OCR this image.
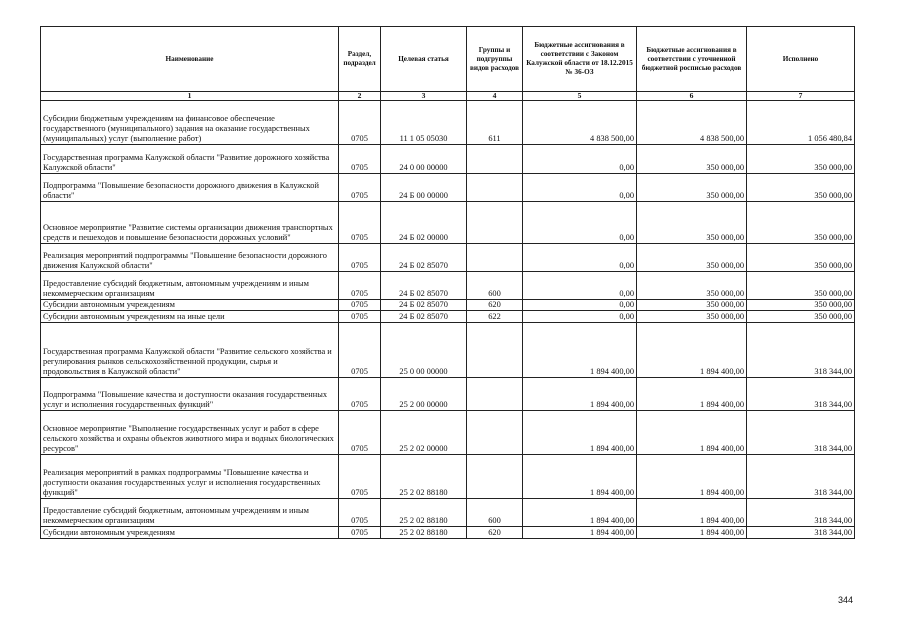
Наименование	Раздел, подраздел	Целевая статья	Группы и подгруппы видов расходов	Бюджетные ассигнования в соответствии с Законом Калужской области от 18.12.2015 № 36-ОЗ	Бюджетные ассигнования в соответствии с уточненной бюджетной росписью расходов	Исполнено
1	2	3	4	5	6	7
Субсидии бюджетным учреждениям на финансовое обеспечение государственного (муниципального) задания на оказание государственных (муниципальных) услуг (выполнение работ)	0705	11 1 05 05030	611	4 838 500,00	4 838 500,00	1 056 480,84
Государственная программа Калужской области "Развитие дорожного хозяйства Калужской области"	0705	24 0 00 00000		0,00	350 000,00	350 000,00
Подпрограмма "Повышение безопасности дорожного движения в Калужской области"	0705	24 Б 00 00000		0,00	350 000,00	350 000,00
Основное мероприятие "Развитие системы организации движения транспортных средств и пешеходов и повышение безопасности дорожных условий"	0705	24 Б 02 00000		0,00	350 000,00	350 000,00
Реализация мероприятий подпрограммы "Повышение безопасности дорожного движения Калужской области"	0705	24 Б 02 85070		0,00	350 000,00	350 000,00
Предоставление субсидий бюджетным, автономным учреждениям и иным некоммерческим организациям	0705	24 Б 02 85070	600	0,00	350 000,00	350 000,00
Субсидии автономным учреждениям	0705	24 Б 02 85070	620	0,00	350 000,00	350 000,00
Субсидии автономным учреждениям на иные цели	0705	24 Б 02 85070	622	0,00	350 000,00	350 000,00
Государственная программа Калужской области "Развитие сельского хозяйства и регулирования рынков сельскохозяйственной продукции, сырья и продовольствия в Калужской области"	0705	25 0 00 00000		1 894 400,00	1 894 400,00	318 344,00
Подпрограмма "Повышение качества и доступности оказания государственных услуг и исполнения государственных функций"	0705	25 2 00 00000		1 894 400,00	1 894 400,00	318 344,00
Основное мероприятие "Выполнение государственных услуг и работ в сфере сельского хозяйства и охраны объектов животного мира и водных биологических ресурсов"	0705	25 2 02 00000		1 894 400,00	1 894 400,00	318 344,00
Реализация мероприятий в рамках подпрограммы "Повышение качества и доступности оказания государственных услуг и исполнения государственных функций"	0705	25 2 02 88180		1 894 400,00	1 894 400,00	318 344,00
Предоставление субсидий бюджетным, автономным учреждениям и иным некоммерческим организациям	0705	25 2 02 88180	600	1 894 400,00	1 894 400,00	318 344,00
Субсидии автономным учреждениям	0705	25 2 02 88180	620	1 894 400,00	1 894 400,00	318 344,00
344
